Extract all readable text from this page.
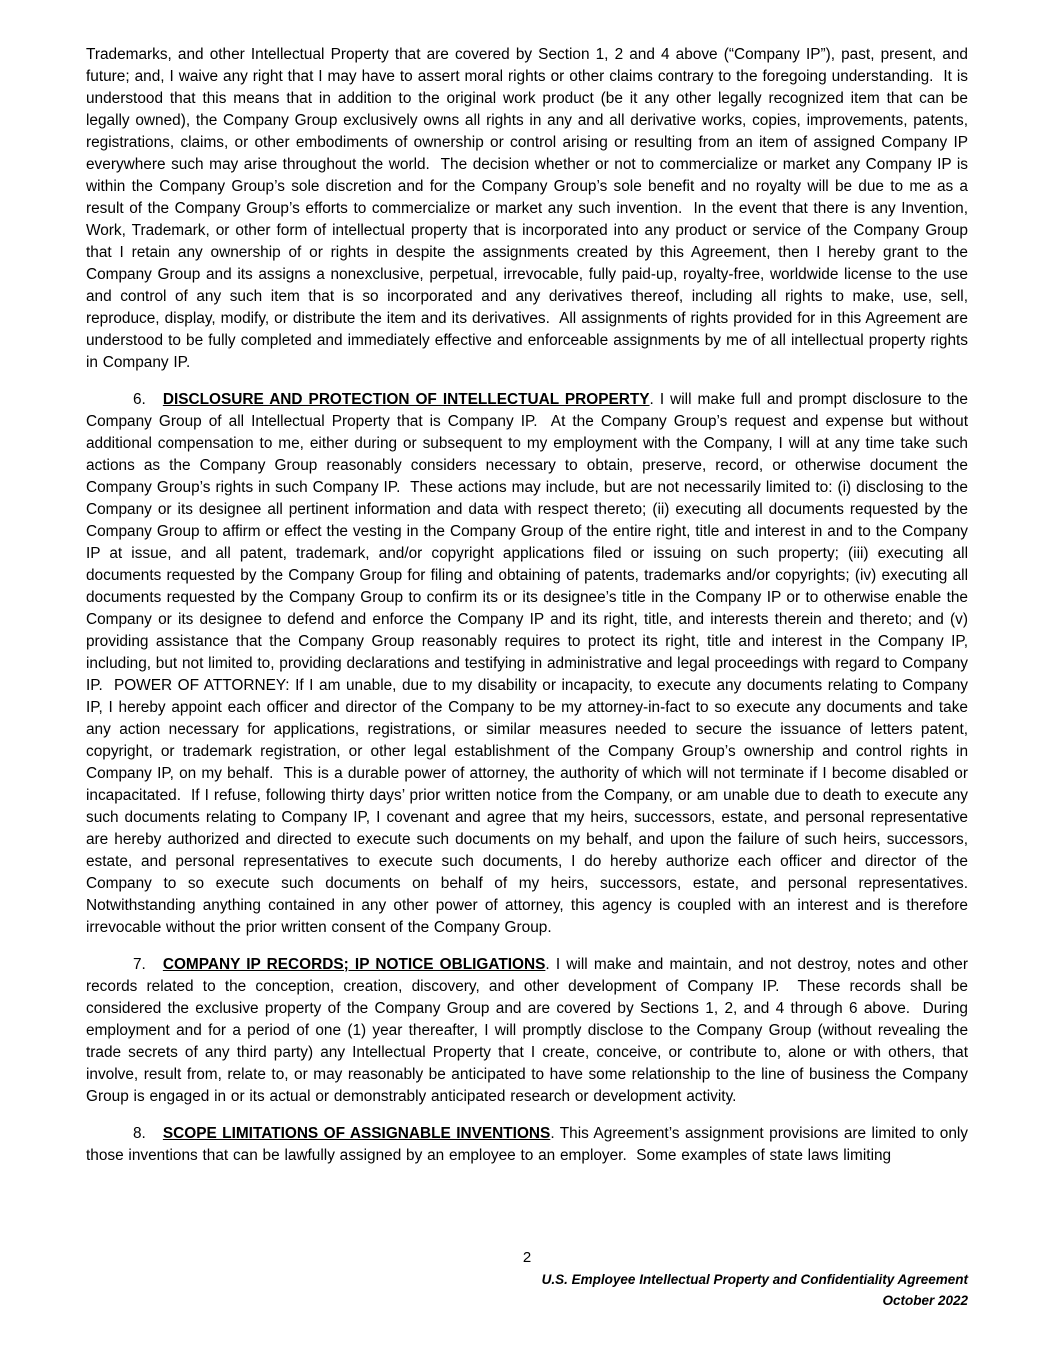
Trademarks, and other Intellectual Property that are covered by Section 1, 2 and 4 above (“Company IP”), past, present, and future; and, I waive any right that I may have to assert moral rights or other claims contrary to the foregoing understanding.  It is understood that this means that in addition to the original work product (be it any other legally recognized item that can be legally owned), the Company Group exclusively owns all rights in any and all derivative works, copies, improvements, patents, registrations, claims, or other embodiments of ownership or control arising or resulting from an item of assigned Company IP everywhere such may arise throughout the world.  The decision whether or not to commercialize or market any Company IP is within the Company Group’s sole discretion and for the Company Group’s sole benefit and no royalty will be due to me as a result of the Company Group’s efforts to commercialize or market any such invention.  In the event that there is any Invention, Work, Trademark, or other form of intellectual property that is incorporated into any product or service of the Company Group that I retain any ownership of or rights in despite the assignments created by this Agreement, then I hereby grant to the Company Group and its assigns a nonexclusive, perpetual, irrevocable, fully paid-up, royalty-free, worldwide license to the use and control of any such item that is so incorporated and any derivatives thereof, including all rights to make, use, sell, reproduce, display, modify, or distribute the item and its derivatives.  All assignments of rights provided for in this Agreement are understood to be fully completed and immediately effective and enforceable assignments by me of all intellectual property rights in Company IP.

6. DISCLOSURE AND PROTECTION OF INTELLECTUAL PROPERTY. I will make full and prompt disclosure to the Company Group of all Intellectual Property that is Company IP.  At the Company Group’s request and expense but without additional compensation to me, either during or subsequent to my employment with the Company, I will at any time take such actions as the Company Group reasonably considers necessary to obtain, preserve, record, or otherwise document the Company Group’s rights in such Company IP.  These actions may include, but are not necessarily limited to: (i) disclosing to the Company or its designee all pertinent information and data with respect thereto; (ii) executing all documents requested by the Company Group to affirm or effect the vesting in the Company Group of the entire right, title and interest in and to the Company IP at issue, and all patent, trademark, and/or copyright applications filed or issuing on such property; (iii) executing all documents requested by the Company Group for filing and obtaining of patents, trademarks and/or copyrights; (iv) executing all documents requested by the Company Group to confirm its or its designee’s title in the Company IP or to otherwise enable the Company or its designee to defend and enforce the Company IP and its right, title, and interests therein and thereto; and (v) providing assistance that the Company Group reasonably requires to protect its right, title and interest in the Company IP, including, but not limited to, providing declarations and testifying in administrative and legal proceedings with regard to Company IP.  POWER OF ATTORNEY: If I am unable, due to my disability or incapacity, to execute any documents relating to Company IP, I hereby appoint each officer and director of the Company to be my attorney-in-fact to so execute any documents and take any action necessary for applications, registrations, or similar measures needed to secure the issuance of letters patent, copyright, or trademark registration, or other legal establishment of the Company Group’s ownership and control rights in Company IP, on my behalf.  This is a durable power of attorney, the authority of which will not terminate if I become disabled or incapacitated.  If I refuse, following thirty days’ prior written notice from the Company, or am unable due to death to execute any such documents relating to Company IP, I covenant and agree that my heirs, successors, estate, and personal representative are hereby authorized and directed to execute such documents on my behalf, and upon the failure of such heirs, successors, estate, and personal representatives to execute such documents, I do hereby authorize each officer and director of the Company to so execute such documents on behalf of my heirs, successors, estate, and personal representatives.  Notwithstanding anything contained in any other power of attorney, this agency is coupled with an interest and is therefore irrevocable without the prior written consent of the Company Group.

7. COMPANY IP RECORDS; IP NOTICE OBLIGATIONS. I will make and maintain, and not destroy, notes and other records related to the conception, creation, discovery, and other development of Company IP.  These records shall be considered the exclusive property of the Company Group and are covered by Sections 1, 2, and 4 through 6 above.  During employment and for a period of one (1) year thereafter, I will promptly disclose to the Company Group (without revealing the trade secrets of any third party) any Intellectual Property that I create, conceive, or contribute to, alone or with others, that involve, result from, relate to, or may reasonably be anticipated to have some relationship to the line of business the Company Group is engaged in or its actual or demonstrably anticipated research or development activity.

8. SCOPE LIMITATIONS OF ASSIGNABLE INVENTIONS. This Agreement’s assignment provisions are limited to only those inventions that can be lawfully assigned by an employee to an employer.  Some examples of state laws limiting

2
U.S. Employee Intellectual Property and Confidentiality Agreement
October 2022
